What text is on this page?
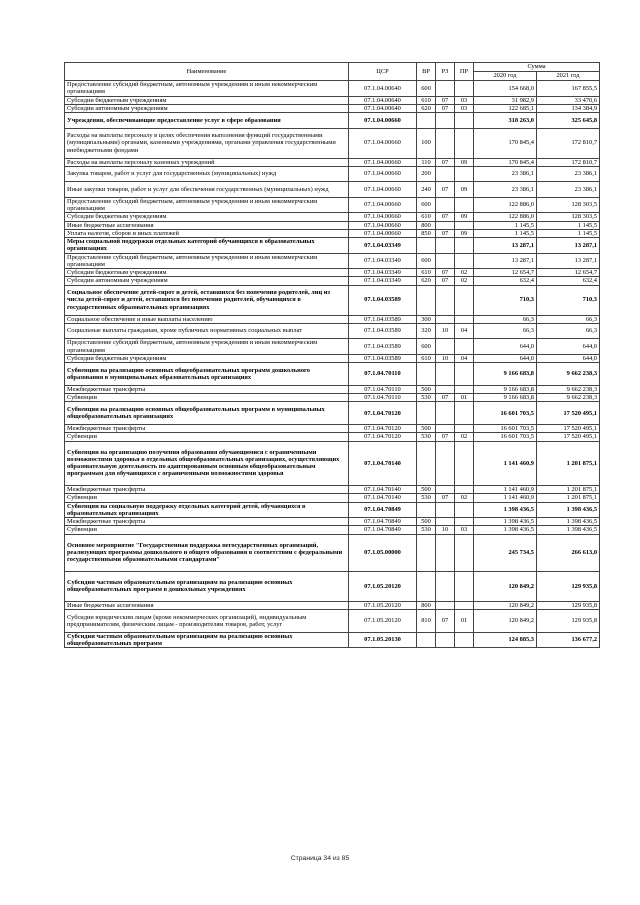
Наименование	ЦСР	ВР	РЗ	ПР	Сумма	
					2020 год	2021 год
Предоставление субсидий бюджетным, автономным учреждениям и иным некоммерческим организациям	07.1.04.00640	600			154 668,0	167 855,5
Субсидии бюджетным учреждениям	07.1.04.00640	610	07	03	31 982,9	33 470,6
Субсидии автономным учреждениям	07.1.04.00640	620	07	03	122 685,1	134 384,9
Учреждения, обеспечивающие предоставление услуг в сфере образования	07.1.04.00660				318 263,0	325 645,8
Расходы на выплаты персоналу в целях обеспечения выполнения функций государственными (муниципальными) органами, казенными учреждениями, органами управления государственными внебюджетными фондами	07.1.04.00660	100			170 845,4	172 810,7
Расходы на выплаты персоналу казенных учреждений	07.1.04.00660	110	07	09	170 845,4	172 810,7
Закупка товаров, работ и услуг для государственных (муниципальных) нужд	07.1.04.00660	200			23 386,1	23 386,1
Иные закупки товаров, работ и услуг для обеспечения государственных (муниципальных) нужд	07.1.04.00660	240	07	09	23 386,1	23 386,1
Предоставление субсидий бюджетным, автономным учреждениям и иным некоммерческим организациям	07.1.04.00660	600			122 886,0	128 303,5
Субсидии бюджетным учреждениям	07.1.04.00660	610	07	09	122 886,0	128 303,5
Иные бюджетные ассигнования	07.1.04.00660	800			1 145,5	1 145,5
Уплата налогов, сборов и иных платежей	07.1.04.00660	850	07	09	1 145,5	1 145,5
Меры социальной поддержки отдельных категорий обучающихся в образовательных организациях	07.1.04.03349				13 287,1	13 287,1
Предоставление субсидий бюджетным, автономным учреждениям и иным некоммерческим организациям	07.1.04.03349	600			13 287,1	13 287,1
Субсидии бюджетным учреждениям	07.1.04.03349	610	07	02	12 654,7	12 654,7
Субсидии автономным учреждениям	07.1.04.03349	620	07	02	632,4	632,4
Социальное обеспечение детей-сирот и детей, оставшихся без попечения родителей, лиц из числа детей-сирот и детей, оставшихся без попечения родителей, обучающихся в государственных образовательных организациях	07.1.04.03589				710,3	710,3
Социальное обеспечение и иные выплаты населению	07.1.04.03589	300			66,3	66,3
Социальные выплаты гражданам, кроме публичных нормативных социальных выплат	07.1.04.03589	320	10	04	66,3	66,3
Предоставление субсидий бюджетным, автономным учреждениям и иным некоммерческим организациям	07.1.04.03589	600			644,0	644,0
Субсидии бюджетным учреждениям	07.1.04.03589	610	10	04	644,0	644,0
Субвенции на реализацию основных общеобразовательных программ дошкольного образования в муниципальных образовательных организациях	07.1.04.70110				9 166 683,8	9 662 238,3
Межбюджетные трансферты	07.1.04.70110	500			9 166 683,8	9 662 238,3
Субвенции	07.1.04.70110	530	07	01	9 166 683,8	9 662 238,3
Субвенции на реализацию основных общеобразовательных программ в муниципальных общеобразовательных организациях	07.1.04.70120				16 601 703,5	17 520 495,1
Межбюджетные трансферты	07.1.04.70120	500			16 601 703,5	17 520 495,1
Субвенции	07.1.04.70120	530	07	02	16 601 703,5	17 520 495,1
Субвенции на организацию получения образования обучающимися с ограниченными возможностями здоровья в отдельных общеобразовательных организациях, осуществляющих образовательную деятельность по адаптированным основным общеобразовательным программам для обучающихся с ограниченными возможностями здоровья	07.1.04.70140				1 141 460,9	1 201 875,1
Межбюджетные трансферты	07.1.04.70140	500			1 141 460,9	1 201 875,1
Субвенции	07.1.04.70140	530	07	02	1 141 460,9	1 201 875,1
Субвенции на социальную поддержку отдельных категорий детей, обучающихся в образовательных организациях	07.1.04.70849				1 398 436,5	1 398 436,5
Межбюджетные трансферты	07.1.04.70849	500			1 398 436,5	1 398 436,5
Субвенции	07.1.04.70849	530	10	03	1 398 436,5	1 398 436,5
Основное мероприятие "Государственная поддержка негосударственных организаций, реализующих программы дошкольного и общего образования в соответствии с федеральными государственными образовательными стандартами"	07.1.05.00000				245 734,5	266 613,0
Субсидии частным образовательным организациям на реализацию основных общеобразовательных программ в дошкольных учреждениях	07.1.05.20120				120 849,2	129 935,8
Иные бюджетные ассигнования	07.1.05.20120	800			120 849,2	129 935,8
Субсидии юридическим лицам (кроме некоммерческих организаций), индивидуальным предпринимателям, физическим лицам - производителям товаров, работ, услуг	07.1.05.20120	810	07	01	120 849,2	129 935,8
Субсидии частным образовательным организациям на реализацию основных общеобразовательных программ	07.1.05.20130				124 885,3	136 677,2
Страница 34 из 85
